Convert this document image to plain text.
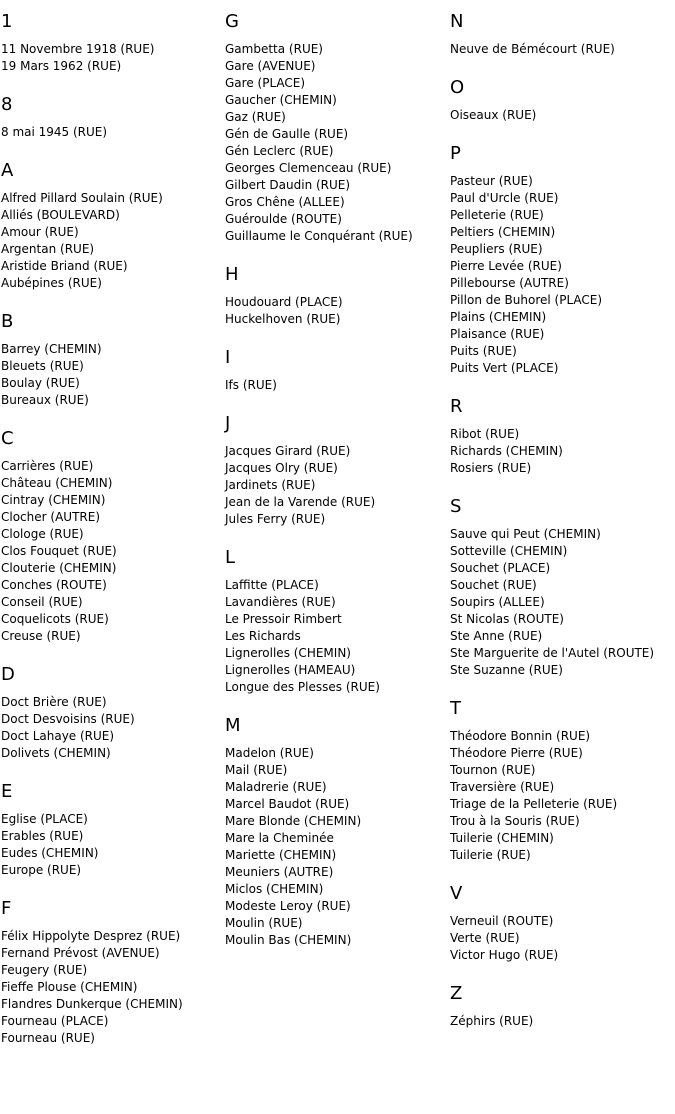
1
11 Novembre 1918 (RUE)
19 Mars 1962 (RUE)
8
8 mai 1945 (RUE)
A
Alfred Pillard Soulain (RUE)
Alliés (BOULEVARD)
Amour (RUE)
Argentan (RUE)
Aristide Briand (RUE)
Aubépines (RUE)
B
Barrey (CHEMIN)
Bleuets (RUE)
Boulay (RUE)
Bureaux (RUE)
C
Carrières (RUE)
Château (CHEMIN)
Cintray (CHEMIN)
Clocher (AUTRE)
Clologe (RUE)
Clos Fouquet (RUE)
Clouterie (CHEMIN)
Conches (ROUTE)
Conseil (RUE)
Coquelicots (RUE)
Creuse (RUE)
D
Doct Brière (RUE)
Doct Desvoisins (RUE)
Doct Lahaye (RUE)
Dolivets (CHEMIN)
E
Eglise (PLACE)
Erables (RUE)
Eudes (CHEMIN)
Europe (RUE)
F
Félix Hippolyte Desprez (RUE)
Fernand Prévost (AVENUE)
Feugery (RUE)
Fieffe Plouse (CHEMIN)
Flandres Dunkerque (CHEMIN)
Fourneau (PLACE)
Fourneau (RUE)
G
Gambetta (RUE)
Gare (AVENUE)
Gare (PLACE)
Gaucher (CHEMIN)
Gaz (RUE)
Gén de Gaulle (RUE)
Gén Leclerc (RUE)
Georges Clemenceau (RUE)
Gilbert Daudin (RUE)
Gros Chêne (ALLEE)
Guéroulde (ROUTE)
Guillaume le Conquérant (RUE)
H
Houdouard (PLACE)
Huckelhoven (RUE)
I
Ifs (RUE)
J
Jacques Girard (RUE)
Jacques Olry (RUE)
Jardinets (RUE)
Jean de la Varende (RUE)
Jules Ferry (RUE)
L
Laffitte (PLACE)
Lavandières (RUE)
Le Pressoir Rimbert
Les Richards
Lignerolles (CHEMIN)
Lignerolles (HAMEAU)
Longue des Plesses (RUE)
M
Madelon (RUE)
Mail (RUE)
Maladrerie (RUE)
Marcel Baudot (RUE)
Mare Blonde (CHEMIN)
Mare la Cheminée
Mariette (CHEMIN)
Meuniers (AUTRE)
Miclos (CHEMIN)
Modeste Leroy (RUE)
Moulin (RUE)
Moulin Bas (CHEMIN)
N
Neuve de Bémécourt (RUE)
O
Oiseaux (RUE)
P
Pasteur (RUE)
Paul d'Urcle (RUE)
Pelleterie (RUE)
Peltiers (CHEMIN)
Peupliers (RUE)
Pierre Levée (RUE)
Pillebourse (AUTRE)
Pillon de Buhorel (PLACE)
Plains (CHEMIN)
Plaisance (RUE)
Puits (RUE)
Puits Vert (PLACE)
R
Ribot (RUE)
Richards (CHEMIN)
Rosiers (RUE)
S
Sauve qui Peut (CHEMIN)
Sotteville (CHEMIN)
Souchet (PLACE)
Souchet (RUE)
Soupirs (ALLEE)
St Nicolas (ROUTE)
Ste Anne (RUE)
Ste Marguerite de l'Autel (ROUTE)
Ste Suzanne (RUE)
T
Théodore Bonnin (RUE)
Théodore Pierre (RUE)
Tournon (RUE)
Traversière (RUE)
Triage de la Pelleterie (RUE)
Trou à la Souris (RUE)
Tuilerie (CHEMIN)
Tuilerie (RUE)
V
Verneuil (ROUTE)
Verte (RUE)
Victor Hugo (RUE)
Z
Zéphirs (RUE)
